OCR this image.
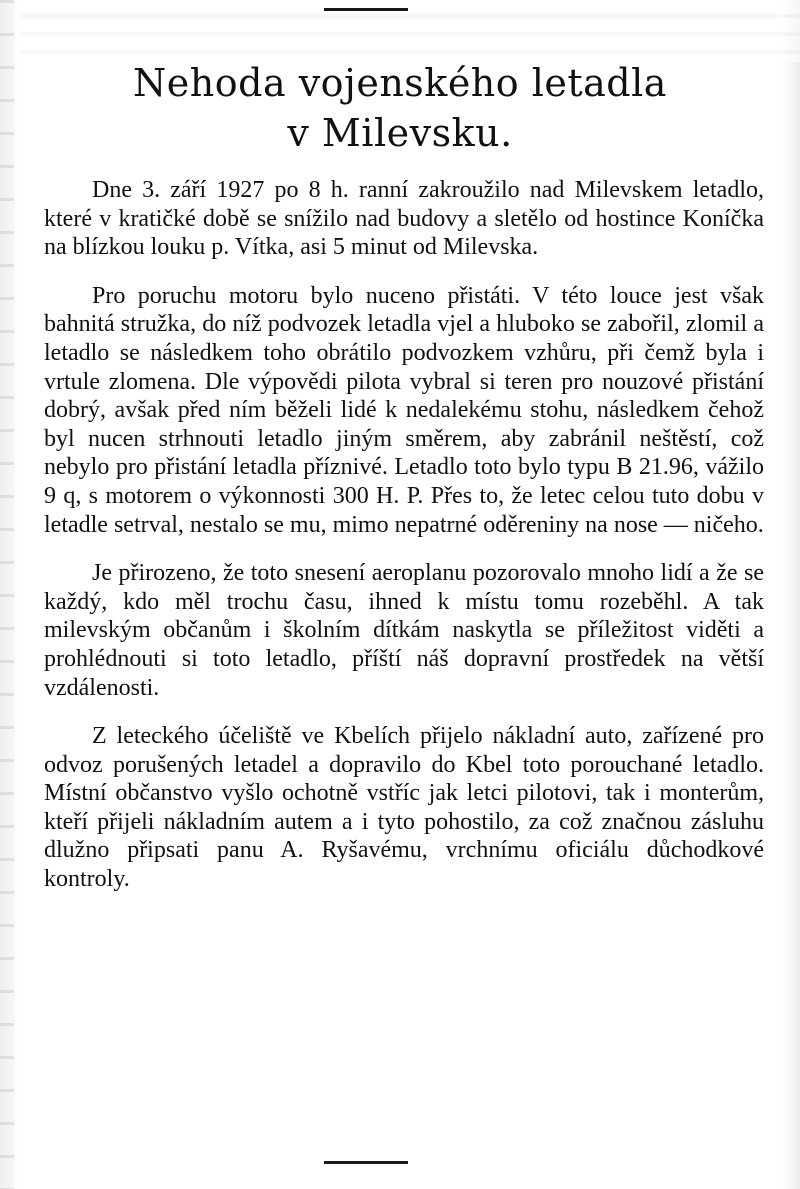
Nehoda vojenského letadla
v Milevsku.

Dne 3. září 1927 po 8 h. ranní zakroužilo nad Milevskem letadlo, které v kratičké době se snížilo nad budovy a sletělo od hostince Koníčka na blízkou louku p. Vítka, asi 5 minut od Milevska.

Pro poruchu motoru bylo nuceno přistáti. V této louce jest však bahnitá stružka, do níž podvozek letadla vjel a hluboko se zabořil, zlomil a letadlo se následkem toho obrátilo podvozkem vzhůru, při čemž byla i vrtule zlomena. Dle výpovědi pilota vybral si teren pro nouzové přistání dobrý, avšak před ním běželi lidé k nedalekému stohu, následkem čehož byl nucen strhnouti letadlo jiným směrem, aby zabránil neštěstí, což nebylo pro přistání letadla příznivé. Letadlo toto bylo typu B 21.96, vážilo 9 q, s motorem o výkonnosti 300 H. P. Přes to, že letec celou tuto dobu v letadle setrval, nestalo se mu, mimo nepatrné oděreniny na nose — ničeho.

Je přirozeno, že toto snesení aeroplanu pozorovalo mnoho lidí a že se každý, kdo měl trochu času, ihned k místu tomu rozeběhl. A tak milevským občanům i školním dítkám naskytla se příležitost viděti a prohlédnouti si toto letadlo, příští náš dopravní prostředek na větší vzdálenosti.

Z leteckého účeliště ve Kbelích přijelo nákladní auto, zařízené pro odvoz porušených letadel a dopravilo do Kbel toto porouchané letadlo. Místní občanstvo vyšlo ochotně vstříc jak letci pilotovi, tak i monterům, kteří přijeli nákladním autem a i tyto pohostilo, za což značnou zásluhu dlužno připsati panu A. Ryšavému, vrchnímu oficiálu důchodkové kontroly.
